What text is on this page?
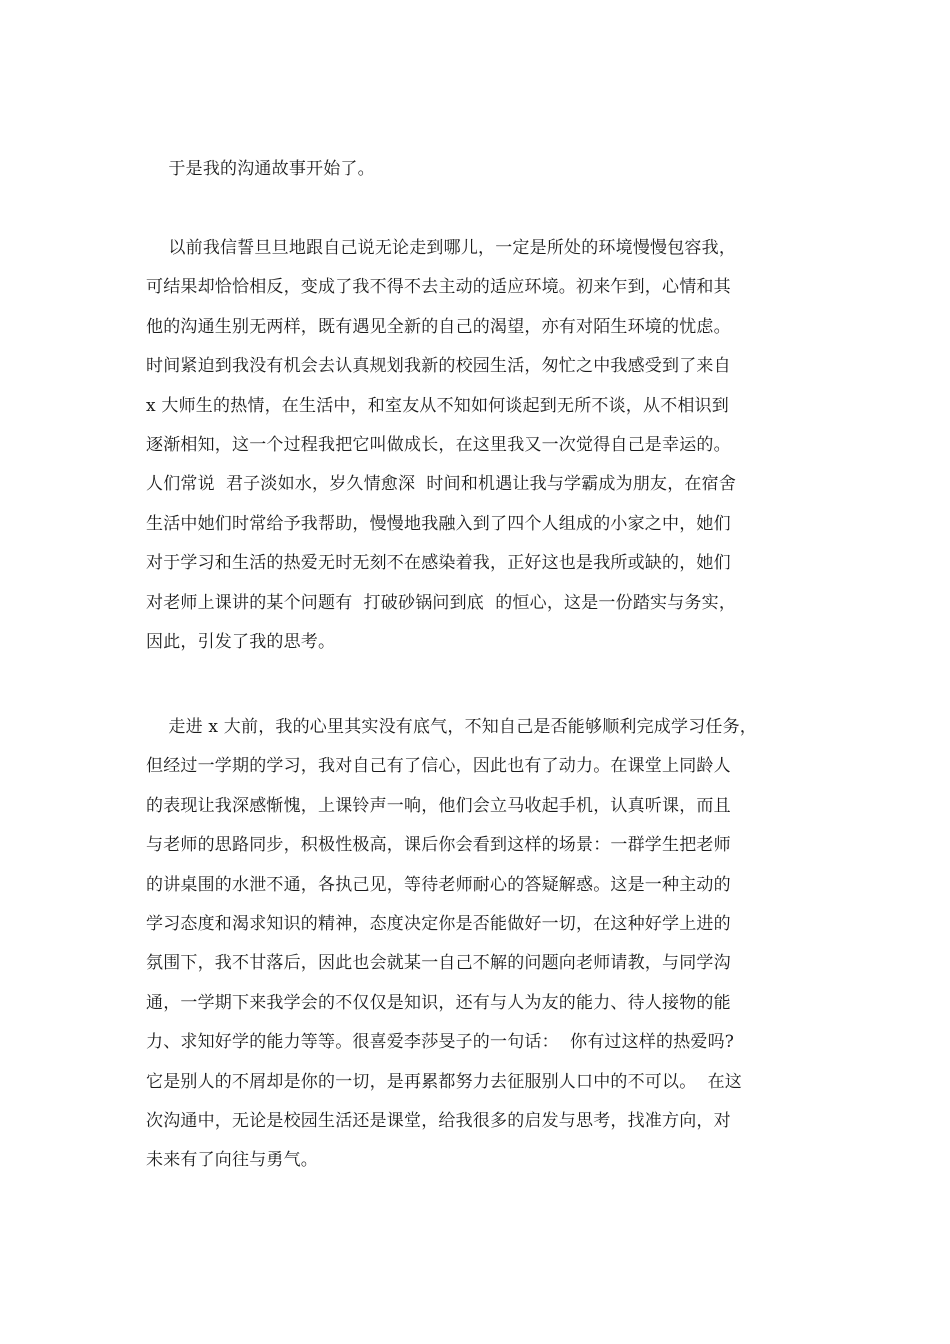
于是我的沟通故事开始了。
以前我信誓旦旦地跟自己说无论走到哪儿，一定是所处的环境慢慢包容我，
可结果却恰恰相反，变成了我不得不去主动的适应环境。初来乍到，心情和其
他的沟通生别无两样，既有遇见全新的自己的渴望，亦有对陌生环境的忧虑。
时间紧迫到我没有机会去认真规划我新的校园生活，匆忙之中我感受到了来自
x 大师生的热情，在生活中，和室友从不知如何谈起到无所不谈，从不相识到
逐渐相知，这一个过程我把它叫做成长，在这里我又一次觉得自己是幸运的。
人们常说  君子淡如水，岁久情愈深  时间和机遇让我与学霸成为朋友，在宿舍
生活中她们时常给予我帮助，慢慢地我融入到了四个人组成的小家之中，她们
对于学习和生活的热爱无时无刻不在感染着我，正好这也是我所或缺的，她们
对老师上课讲的某个问题有  打破砂锅问到底  的恒心，这是一份踏实与务实，
因此，引发了我的思考。
走进 x 大前，我的心里其实没有底气，不知自己是否能够顺利完成学习任务，
但经过一学期的学习，我对自己有了信心，因此也有了动力。在课堂上同龄人
的表现让我深感惭愧，上课铃声一响，他们会立马收起手机，认真听课，而且
与老师的思路同步，积极性极高，课后你会看到这样的场景：一群学生把老师
的讲桌围的水泄不通，各执己见，等待老师耐心的答疑解惑。这是一种主动的
学习态度和渴求知识的精神，态度决定你是否能做好一切，在这种好学上进的
氛围下，我不甘落后，因此也会就某一自己不解的问题向老师请教，与同学沟
通，一学期下来我学会的不仅仅是知识，还有与人为友的能力、待人接物的能
力、求知好学的能力等等。很喜爱李莎旻子的一句话：  你有过这样的热爱吗?
它是别人的不屑却是你的一切，是再累都努力去征服别人口中的不可以。  在这
次沟通中，无论是校园生活还是课堂，给我很多的启发与思考，找准方向，对
未来有了向往与勇气。
